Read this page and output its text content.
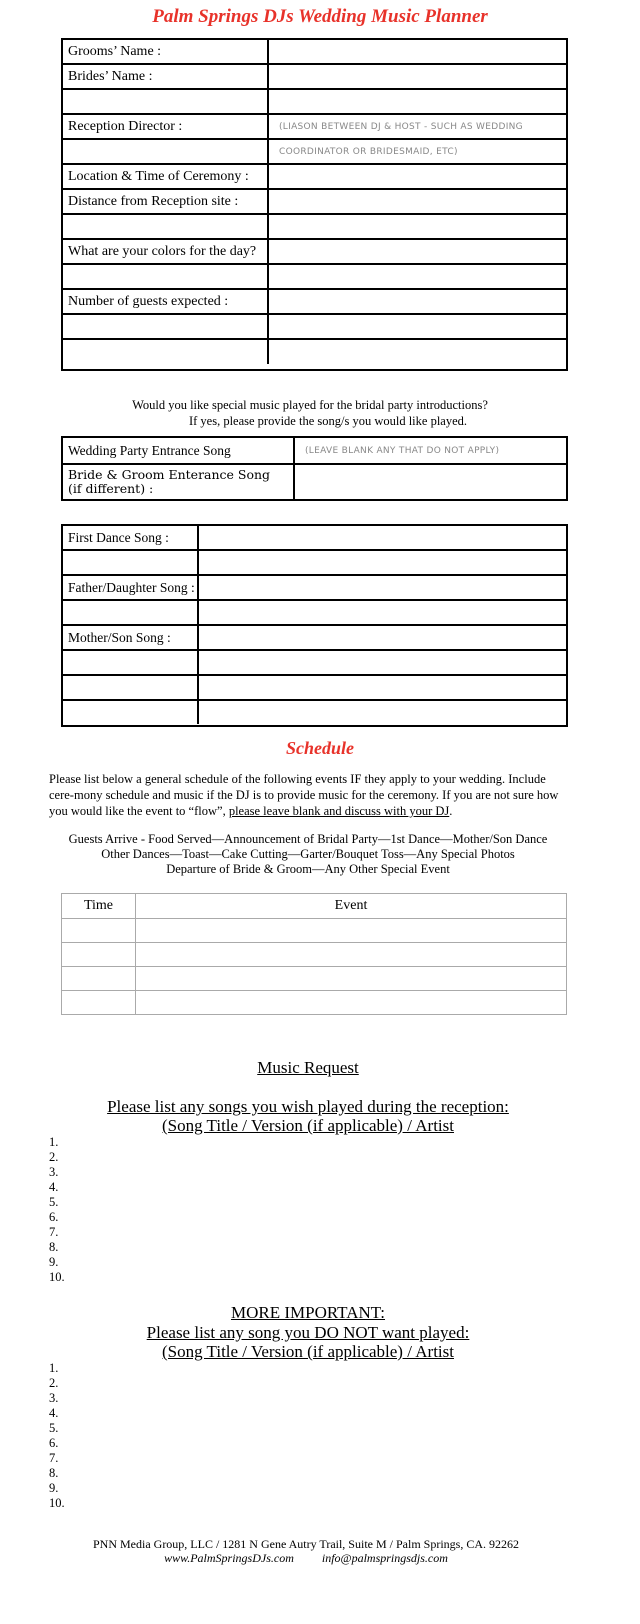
Palm Springs DJs Wedding Music Planner
Grooms’ Name :
Brides’ Name :
Reception Director :	(LIASON BETWEEN DJ & HOST - SUCH AS WEDDING
COORDINATOR OR BRIDESMAID, ETC)
Location & Time of Ceremony :
Distance from Reception site :
What are your colors for the day?
Number of guests expected :
Would you like special music played for the bridal party introductions?
If yes, please provide the song/s you would like played.
Wedding Party Entrance Song	(LEAVE BLANK ANY THAT DO NOT APPLY)
Bride & Groom Enterance Song
(if different) :
First Dance Song :
Father/Daughter Song :
Mother/Son Song :
Schedule
Please list below a general schedule of the following events IF they apply to your wedding. Include cere-mony schedule and music if the DJ is to provide music for the ceremony. If you are not sure how you would like the event to “flow”, please leave blank and discuss with your DJ.
Guests Arrive - Food Served—Announcement of Bridal Party—1st Dance—Mother/Son Dance
Other Dances—Toast—Cake Cutting—Garter/Bouquet Toss—Any Special Photos
Departure of Bride & Groom—Any Other Special Event
Time	Event
Music Request
Please list any songs you wish played during the reception:
(Song Title / Version (if applicable) / Artist
1.
2.
3.
4.
5.
6.
7.
8.
9.
10.
MORE IMPORTANT:
Please list any song you DO NOT want played:
(Song Title / Version (if applicable) / Artist
1.
2.
3.
4.
5.
6.
7.
8.
9.
10.
PNN Media Group, LLC / 1281 N Gene Autry Trail, Suite M / Palm Springs, CA. 92262
www.PalmSpringsDJs.com info@palmspringsdjs.com
